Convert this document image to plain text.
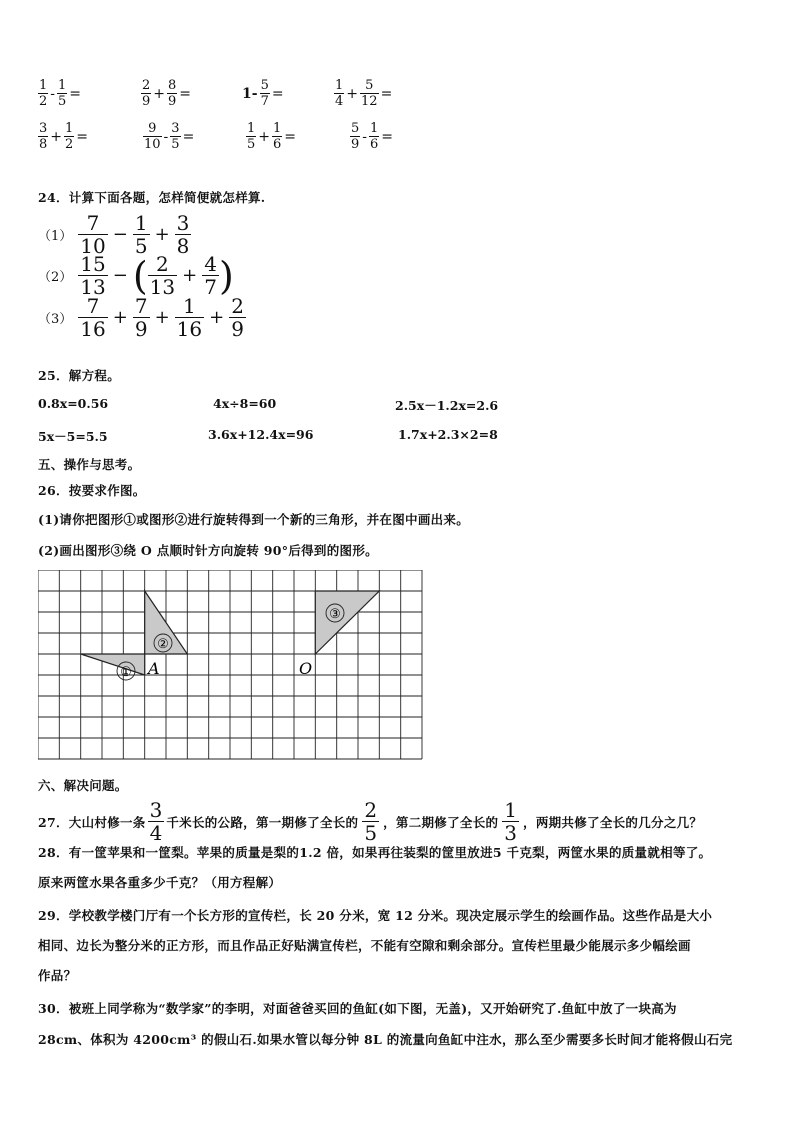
$\frac{1}{2} - \frac{1}{5}$ =	$\frac{2}{9} + \frac{8}{9}$ =	$1- \frac{5}{7}$ =	$\frac{1}{4} + \frac{5}{12}$ =
$\frac{3}{8} + \frac{1}{2}$ =	$\frac{9}{10} - \frac{3}{5}$ =	$\frac{1}{5} + \frac{1}{6}$ =	$\frac{5}{9} - \frac{1}{6}$ =
24．计算下面各题，怎样简便就怎样算.
$(1) \frac{7}{10} - \frac{1}{5} + \frac{3}{8}$
$(2) \frac{15}{13}$ − ( $\frac{2}{13} + \frac{4}{7}$ )
$(3) \frac{7}{16} + \frac{7}{9} + \frac{1}{16} + \frac{2}{9}$
25．解方程。
0.8x=0.56	4x÷8=60	2.5x－1.2x=2.6
5x－5=5.5	3.6x+12.4x=96	1.7x+2.3×2=8
五、操作与思考。
26．按要求作图。
(1)请你把图形①或图形②进行旋转得到一个新的三角形，并在图中画出来。
(2)画出图形③绕 O 点顺时针方向旋转 90°后得到的图形。
①
②
③
A	O
六、解决问题。
27．大山村修一条 $\frac{3}{4}$ 千米长的公路，第一期修了全长的 $\frac{2}{5}$ ，第二期修了全长的 $\frac{1}{3}$ ，两期共修了全长的几分之几？
28．有一筐苹果和一筐梨。苹果的质量是梨的1.2 倍，如果再往装梨的筐里放进5 千克梨，两筐水果的质量就相等了。
原来两筐水果各重多少千克？（用方程解）
29．学校教学楼门厅有一个长方形的宣传栏，长 20 分米，宽 12 分米。现决定展示学生的绘画作品。这些作品是大小
相同、边长为整分米的正方形，而且作品正好贴满宣传栏，不能有空隙和剩余部分。宣传栏里最少能展示多少幅绘画
作品？
30．被班上同学称为“数学家”的李明，对面爸爸买回的鱼缸(如下图，无盖)，又开始研究了.鱼缸中放了一块高为
28cm、体积为 4200cm³ 的假山石.如果水管以每分钟 8L 的流量向鱼缸中注水，那么至少需要多长时间才能将假山石完
